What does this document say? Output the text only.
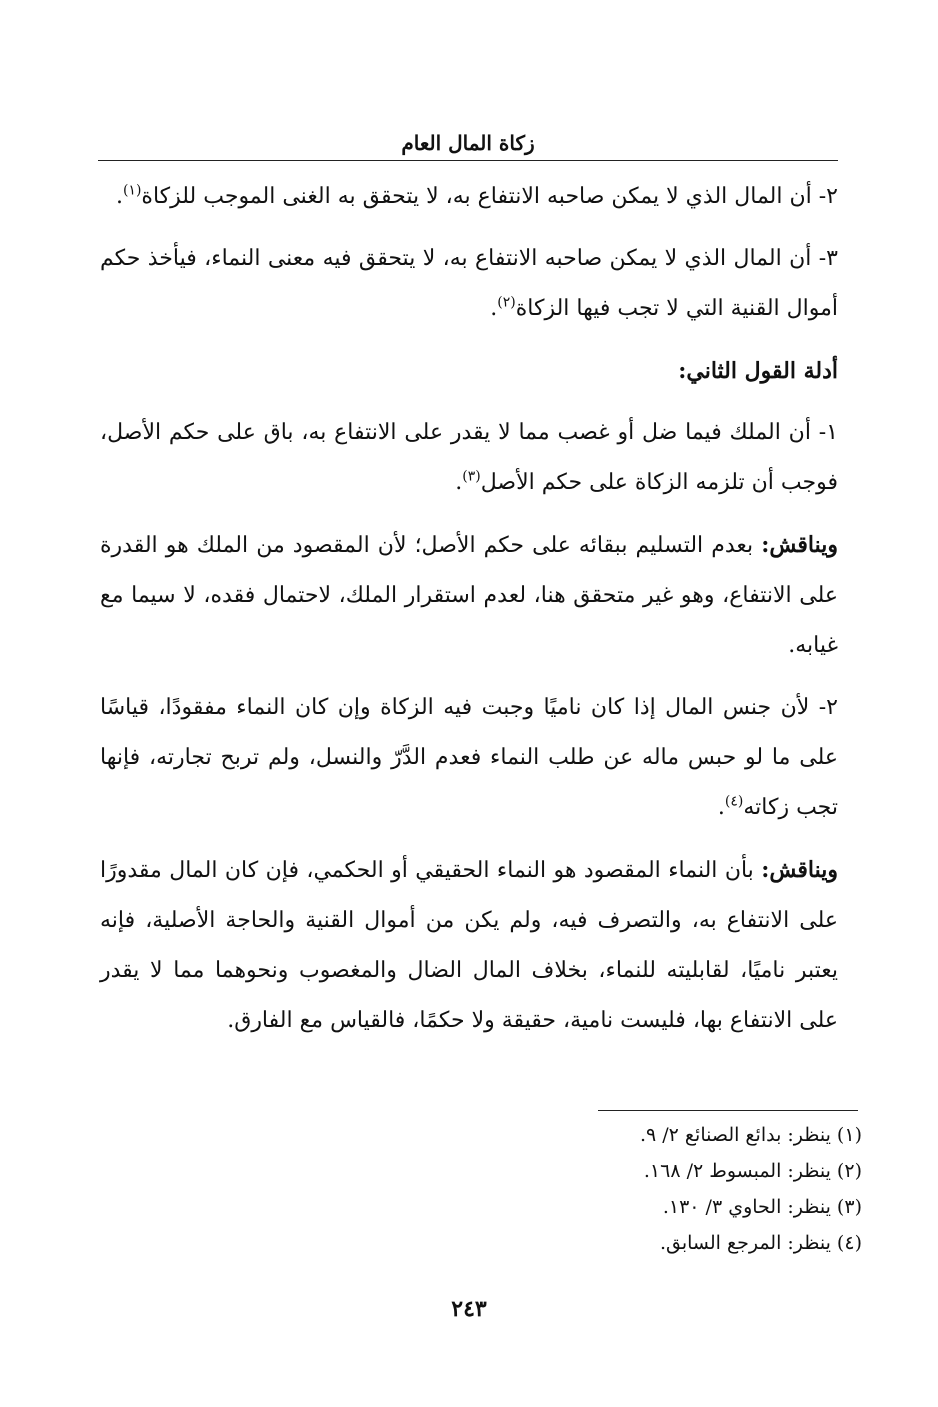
زكاة المال العام

٢- أن المال الذي لا يمكن صاحبه الانتفاع به، لا يتحقق به الغنى الموجب للزكاة$^{(١)}$.

٣- أن المال الذي لا يمكن صاحبه الانتفاع به، لا يتحقق فيه معنى النماء، فيأخذ حكم أموال القنية التي لا تجب فيها الزكاة$^{(٢)}$.

أدلة القول الثاني:

١- أن الملك فيما ضل أو غصب مما لا يقدر على الانتفاع به، باق على حكم الأصل، فوجب أن تلزمه الزكاة على حكم الأصل$^{(٣)}$.

ويناقش: بعدم التسليم ببقائه على حكم الأصل؛ لأن المقصود من الملك هو القدرة على الانتفاع، وهو غير متحقق هنا، لعدم استقرار الملك، لاحتمال فقده، لا سيما مع غيابه.

٢- لأن جنس المال إذا كان ناميًا وجبت فيه الزكاة وإن كان النماء مفقودًا، قياسًا على ما لو حبس ماله عن طلب النماء فعدم الدَّرّ والنسل، ولم تربح تجارته، فإنها تجب زكاته$^{(٤)}$.

ويناقش: بأن النماء المقصود هو النماء الحقيقي أو الحكمي، فإن كان المال مقدورًا على الانتفاع به، والتصرف فيه، ولم يكن من أموال القنية والحاجة الأصلية، فإنه يعتبر ناميًا، لقابليته للنماء، بخلاف المال الضال والمغصوب ونحوهما مما لا يقدر على الانتفاع بها، فليست نامية، حقيقة ولا حكمًا، فالقياس مع الفارق.

(١) ينظر: بدائع الصنائع ٢/ ٩.
(٢) ينظر: المبسوط ٢/ ١٦٨.
(٣) ينظر: الحاوي ٣/ ١٣٠.
(٤) ينظر: المرجع السابق.
٢٤٣
